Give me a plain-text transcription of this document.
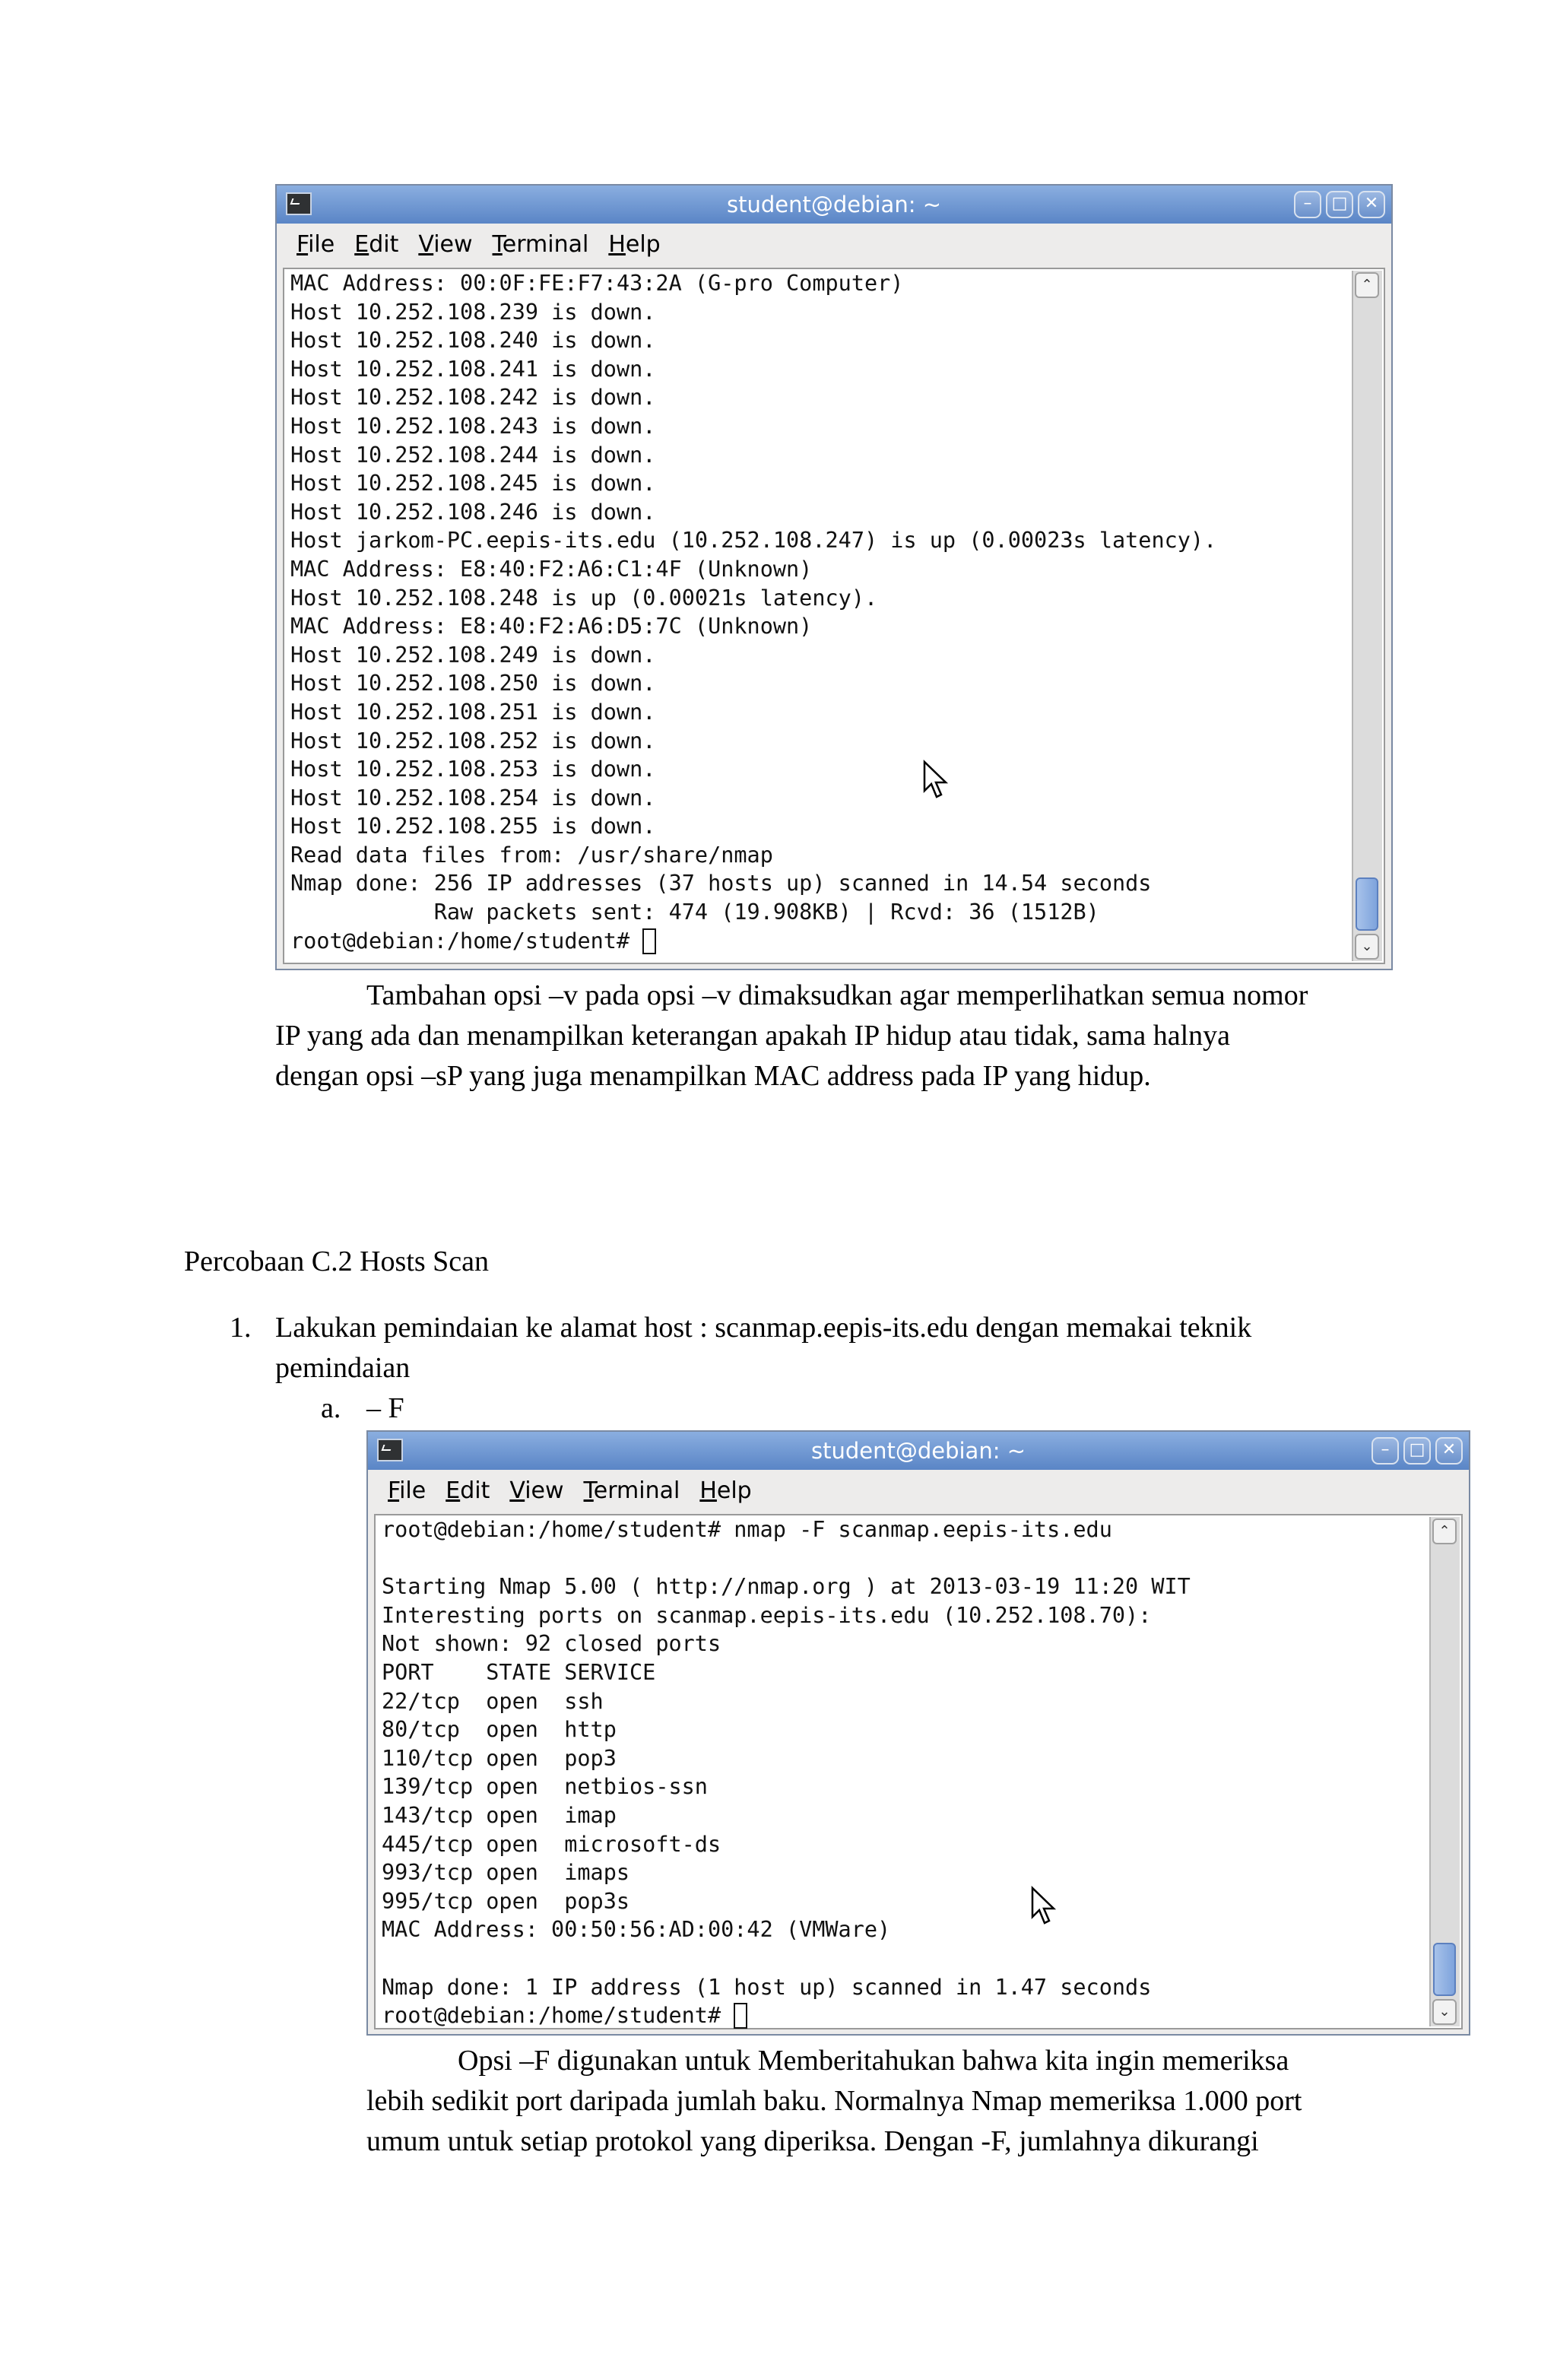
student@debian: ~	–	□	✕
File Edit View Terminal Help
MAC Address: 00:0F:FE:F7:43:2A (G-pro Computer)
Host 10.252.108.239 is down.
Host 10.252.108.240 is down.
Host 10.252.108.241 is down.
Host 10.252.108.242 is down.
Host 10.252.108.243 is down.
Host 10.252.108.244 is down.
Host 10.252.108.245 is down.
Host 10.252.108.246 is down.
Host jarkom-PC.eepis-its.edu (10.252.108.247) is up (0.00023s latency).
MAC Address: E8:40:F2:A6:C1:4F (Unknown)
Host 10.252.108.248 is up (0.00021s latency).
MAC Address: E8:40:F2:A6:D5:7C (Unknown)
Host 10.252.108.249 is down.
Host 10.252.108.250 is down.
Host 10.252.108.251 is down.
Host 10.252.108.252 is down.
Host 10.252.108.253 is down.
Host 10.252.108.254 is down.
Host 10.252.108.255 is down.
Read data files from: /usr/share/nmap
Nmap done: 256 IP addresses (37 hosts up) scanned in 14.54 seconds
Raw packets sent: 474 (19.908KB) | Rcvd: 36 (1512B)
root@debian:/home/student#
⌃
⌄
Tambahan opsi –v pada opsi –v dimaksudkan agar memperlihatkan semua nomor
IP yang ada dan menampilkan keterangan apakah IP hidup atau tidak, sama halnya
dengan opsi –sP yang juga menampilkan MAC address pada IP yang hidup.
Percobaan C.2 Hosts Scan
1. Lakukan pemindaian ke alamat host : scanmap.eepis-its.edu dengan memakai teknik
pemindaian
a. – F
student@debian: ~	–	□	✕
File Edit View Terminal Help
root@debian:/home/student# nmap -F scanmap.eepis-its.edu

Starting Nmap 5.00 ( http://nmap.org ) at 2013-03-19 11:20 WIT
Interesting ports on scanmap.eepis-its.edu (10.252.108.70):
Not shown: 92 closed ports
PORT    STATE SERVICE
22/tcp  open  ssh
80/tcp  open  http
110/tcp open  pop3
139/tcp open  netbios-ssn
143/tcp open  imap
445/tcp open  microsoft-ds
993/tcp open  imaps
995/tcp open  pop3s
MAC Address: 00:50:56:AD:00:42 (VMWare)

Nmap done: 1 IP address (1 host up) scanned in 1.47 seconds
root@debian:/home/student#
⌃
⌄
Opsi –F digunakan untuk Memberitahukan bahwa kita ingin memeriksa
lebih sedikit port daripada jumlah baku. Normalnya Nmap memeriksa 1.000 port
umum untuk setiap protokol yang diperiksa. Dengan -F, jumlahnya dikurangi
